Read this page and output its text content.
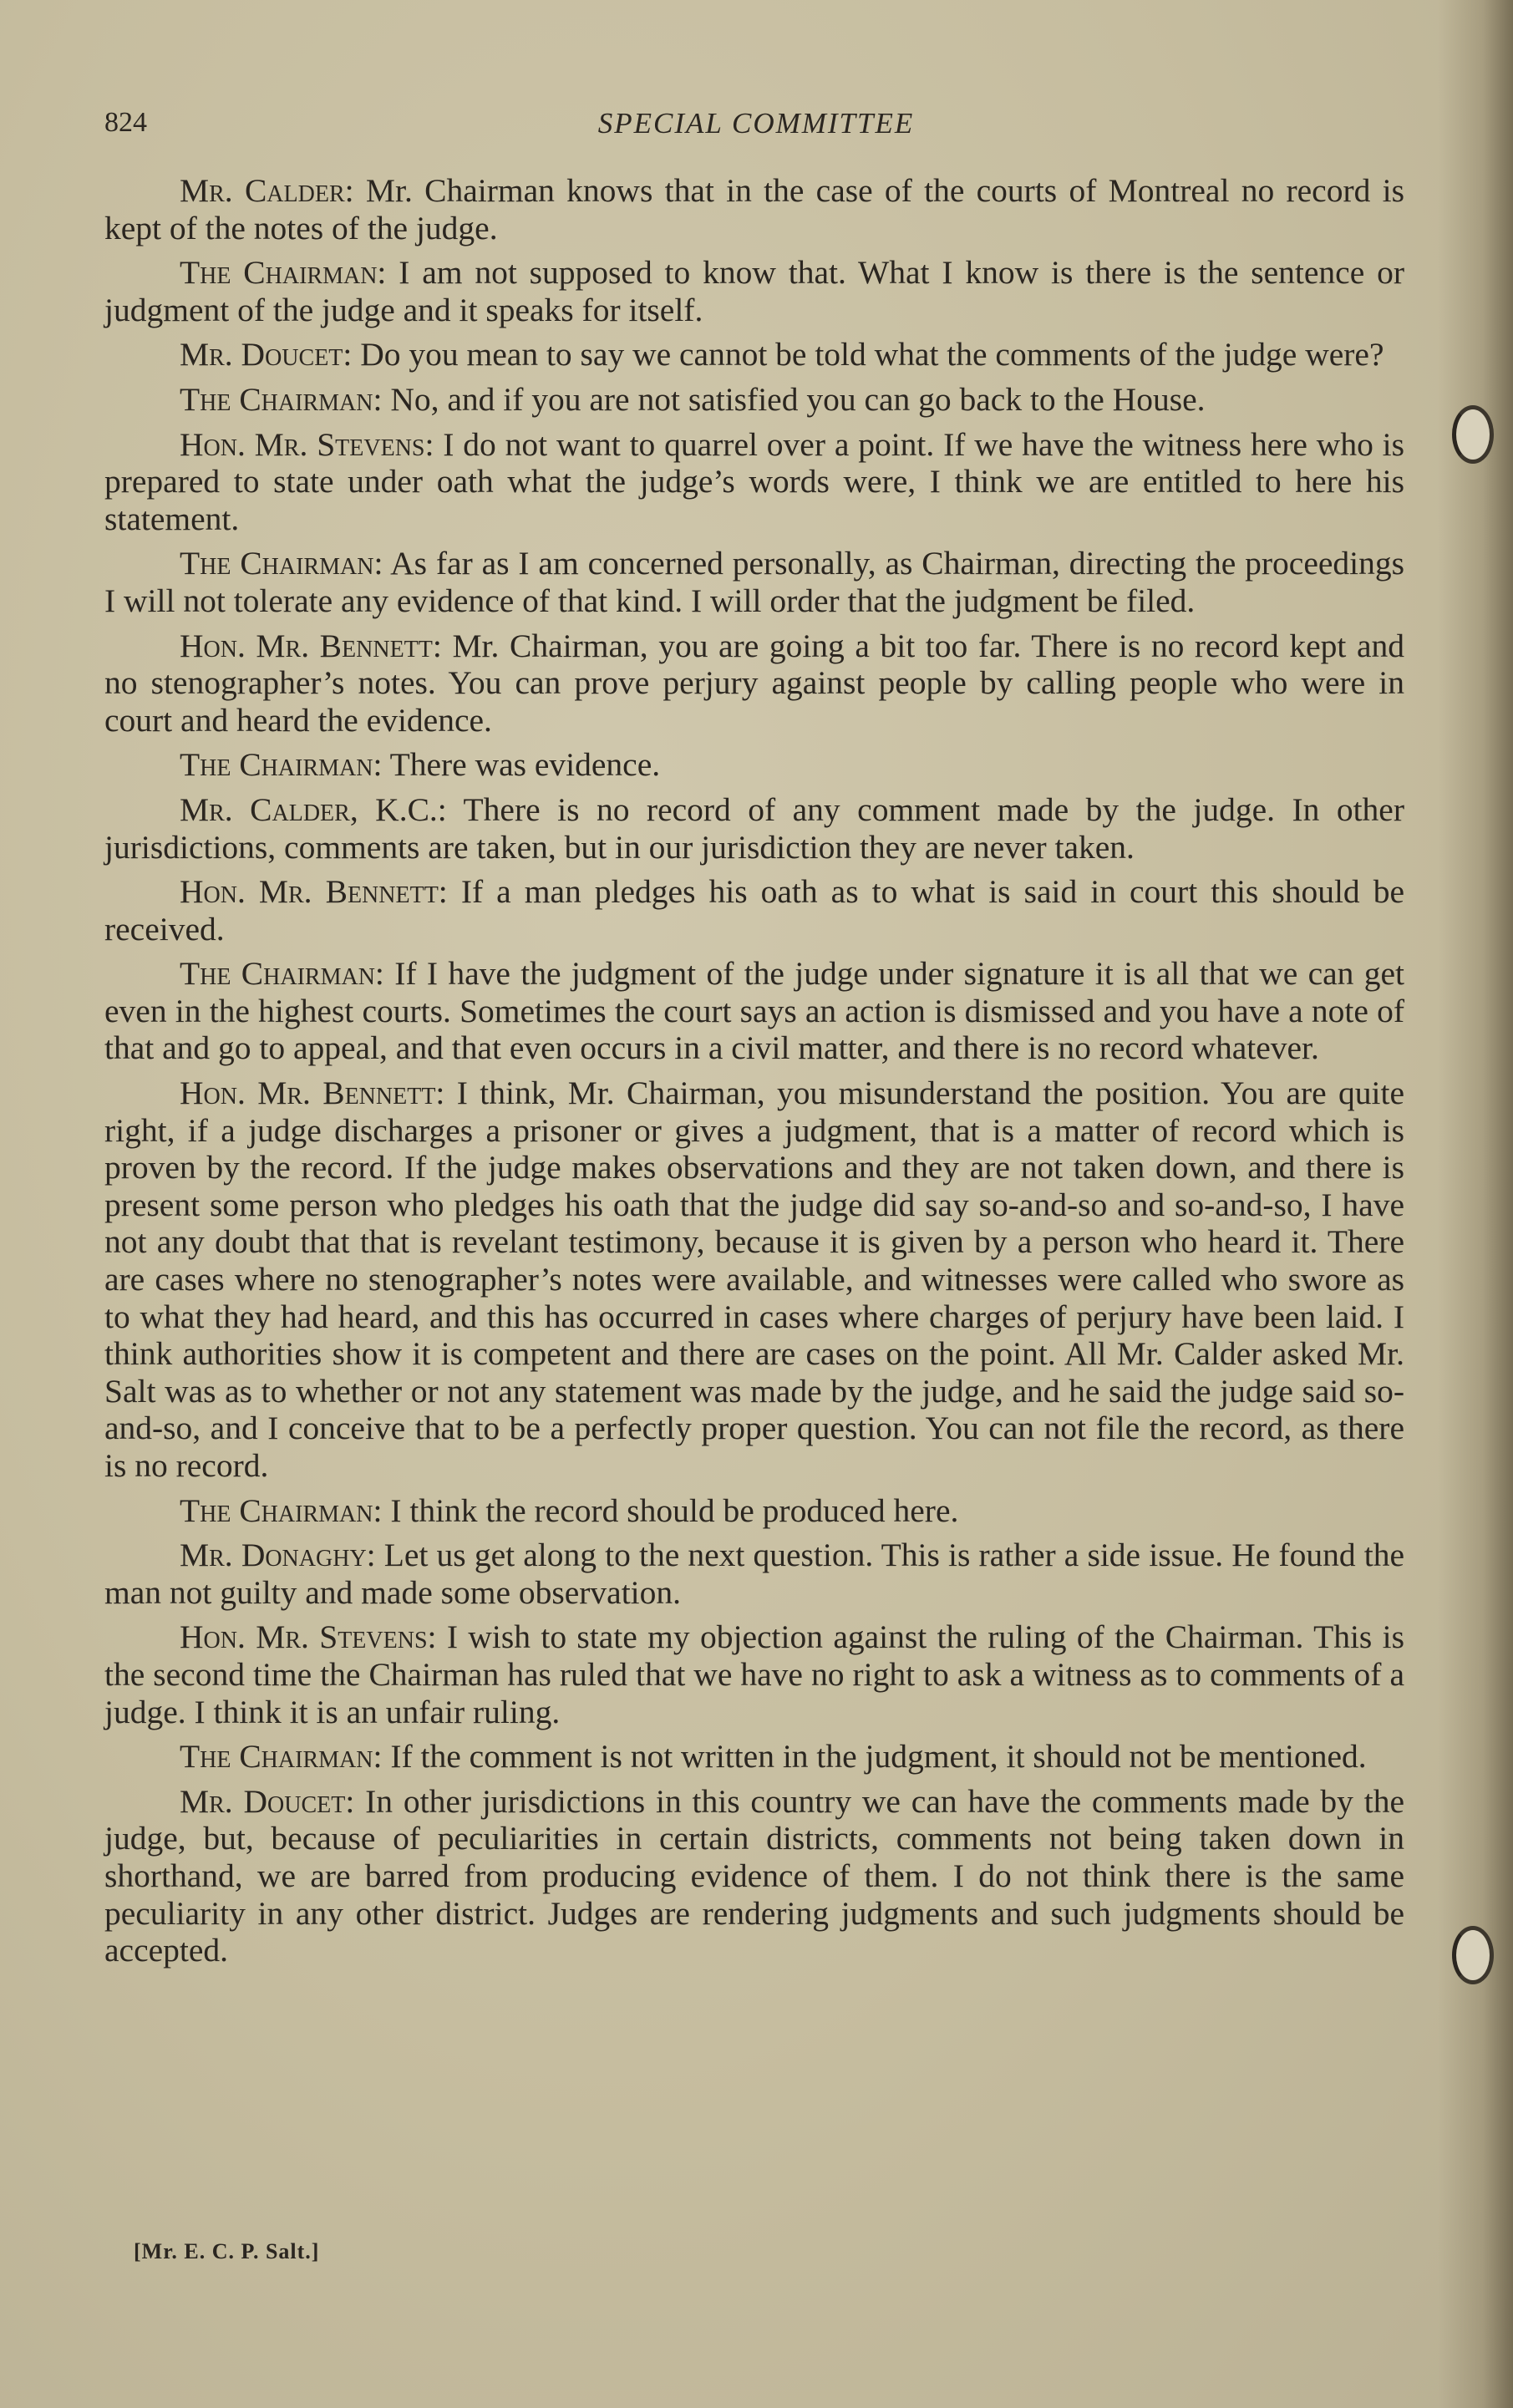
824	SPECIAL COMMITTEE

Mr. Calder: Mr. Chairman knows that in the case of the courts of Montreal no record is kept of the notes of the judge.

The Chairman: I am not supposed to know that. What I know is there is the sentence or judgment of the judge and it speaks for itself.

Mr. Doucet: Do you mean to say we cannot be told what the comments of the judge were?

The Chairman: No, and if you are not satisfied you can go back to the House.

Hon. Mr. Stevens: I do not want to quarrel over a point. If we have the witness here who is prepared to state under oath what the judge’s words were, I think we are entitled to here his statement.

The Chairman: As far as I am concerned personally, as Chairman, directing the proceedings I will not tolerate any evidence of that kind. I will order that the judgment be filed.

Hon. Mr. Bennett: Mr. Chairman, you are going a bit too far. There is no record kept and no stenographer’s notes. You can prove perjury against people by calling people who were in court and heard the evidence.

The Chairman: There was evidence.

Mr. Calder, K.C.: There is no record of any comment made by the judge. In other jurisdictions, comments are taken, but in our jurisdiction they are never taken.

Hon. Mr. Bennett: If a man pledges his oath as to what is said in court this should be received.

The Chairman: If I have the judgment of the judge under signature it is all that we can get even in the highest courts. Sometimes the court says an action is dismissed and you have a note of that and go to appeal, and that even occurs in a civil matter, and there is no record whatever.

Hon. Mr. Bennett: I think, Mr. Chairman, you misunderstand the position. You are quite right, if a judge discharges a prisoner or gives a judgment, that is a matter of record which is proven by the record. If the judge makes observations and they are not taken down, and there is present some person who pledges his oath that the judge did say so-and-so and so-and-so, I have not any doubt that that is revelant testimony, because it is given by a person who heard it. There are cases where no stenographer’s notes were available, and witnesses were called who swore as to what they had heard, and this has occurred in cases where charges of perjury have been laid. I think authorities show it is competent and there are cases on the point. All Mr. Calder asked Mr. Salt was as to whether or not any statement was made by the judge, and he said the judge said so-and-so, and I conceive that to be a perfectly proper question. You can not file the record, as there is no record.

The Chairman: I think the record should be produced here.

Mr. Donaghy: Let us get along to the next question. This is rather a side issue. He found the man not guilty and made some observation.

Hon. Mr. Stevens: I wish to state my objection against the ruling of the Chairman. This is the second time the Chairman has ruled that we have no right to ask a witness as to comments of a judge. I think it is an unfair ruling.

The Chairman: If the comment is not written in the judgment, it should not be mentioned.

Mr. Doucet: In other jurisdictions in this country we can have the comments made by the judge, but, because of peculiarities in certain districts, comments not being taken down in shorthand, we are barred from producing evidence of them. I do not think there is the same peculiarity in any other district. Judges are rendering judgments and such judgments should be accepted.

[Mr. E. C. P. Salt.]
